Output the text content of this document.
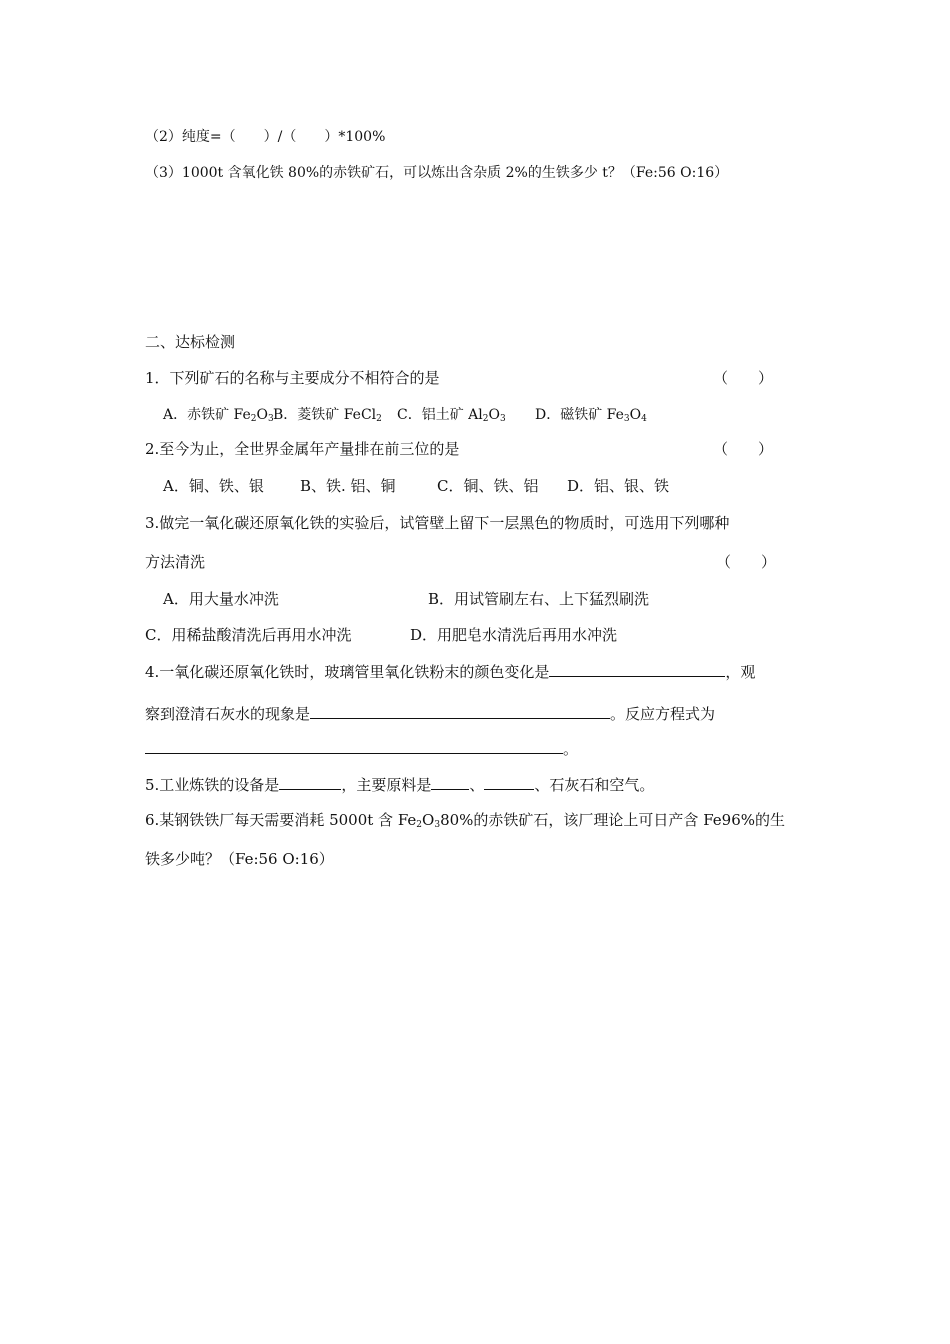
（2）纯度=（　　）/（　　）*100%
（3）1000t 含氧化铁 80%的赤铁矿石，可以炼出含杂质 2%的生铁多少 t？（Fe:56 O:16）
二、达标检测
1．下列矿石的名称与主要成分不相符合的是	（　　）
A．赤铁矿 $Fe_2O_3B$．菱铁矿 FeCl$_2$ C．铝土矿 $Al_2O_3$ D．磁铁矿 $Fe_3O_4$
2.至今为止，全世界金属年产量排在前三位的是	（　　）
A．铜、铁、银 B、铁. 铝、铜	C．铜、铁、铝 D．铝、银、铁
3.做完一氧化碳还原氧化铁的实验后，试管壁上留下一层黑色的物质时，可选用下列哪种
方法清洗	（　　）
A．用大量水冲洗	B．用试管刷左右、上下猛烈刷洗
C．用稀盐酸清洗后再用水冲洗	D．用肥皂水清洗后再用水冲洗
4.一氧化碳还原氧化铁时，玻璃管里氧化铁粉末的颜色变化是	，观
察到澄清石灰水的现象是	。反应方程式为
。
5.工业炼铁的设备是	，主要原料是	、	、石灰石和空气。
6.某钢铁铁厂每天需要消耗 5000t 含 $Fe_2O_380\%$的赤铁矿石，该厂理论上可日产含 Fe96%的生
铁多少吨？（Fe:56 O:16）
